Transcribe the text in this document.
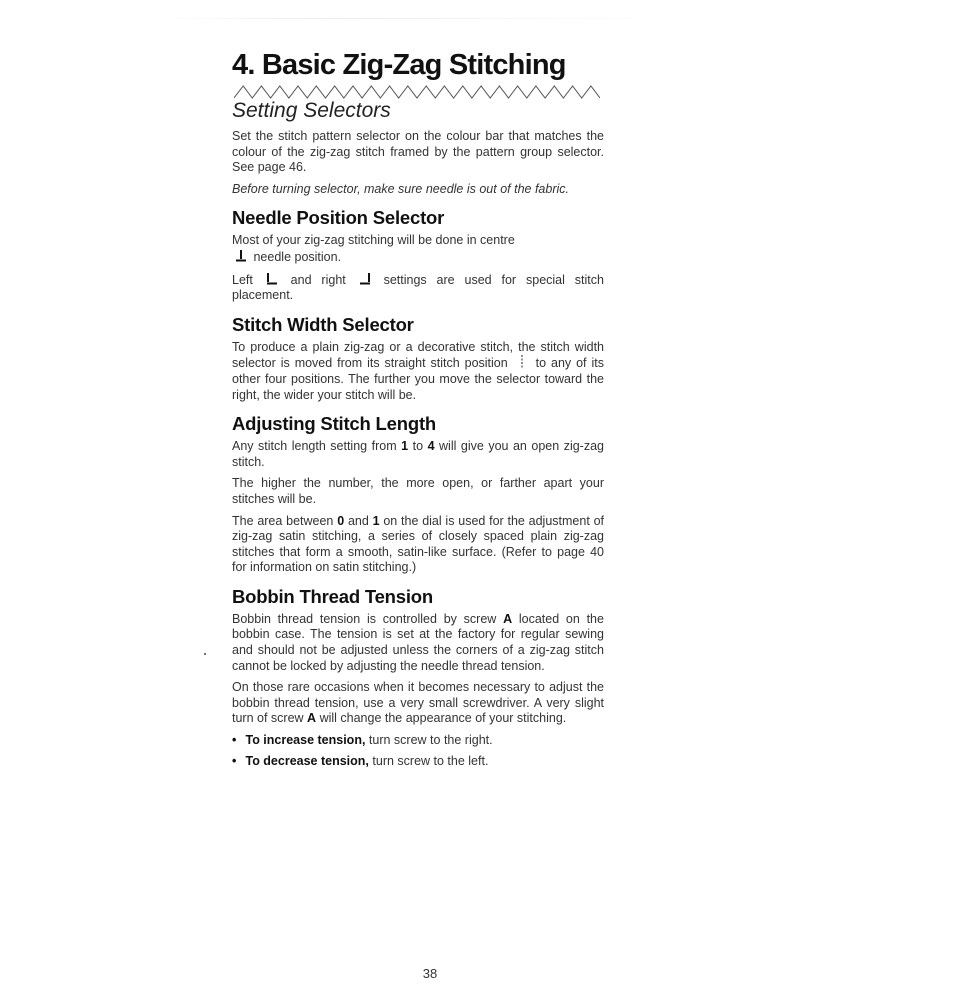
4. Basic Zig-Zag Stitching
Setting Selectors

Set the stitch pattern selector on the colour bar that matches the colour of the zig-zag stitch framed by the pattern group selector. See page 46.

Before turning selector, make sure needle is out of the fabric.

Needle Position Selector

Most of your zig-zag stitching will be done in centre
needle position.

Left	and right	settings are used for special stitch placement.

Stitch Width Selector

To produce a plain zig-zag or a decorative stitch, the stitch width selector is moved from its straight stitch position to any of its other four positions. The further you move the selector toward the right, the wider your stitch will be.

Adjusting Stitch Length

Any stitch length setting from 1 to 4 will give you an open zig-zag stitch.

The higher the number, the more open, or farther apart your stitches will be.

The area between 0 and 1 on the dial is used for the adjustment of zig-zag satin stitching, a series of closely spaced plain zig-zag stitches that form a smooth, satin-like surface. (Refer to page 40 for information on satin stitching.)

Bobbin Thread Tension

Bobbin thread tension is controlled by screw A located on the bobbin case. The tension is set at the factory for regular sewing and should not be adjusted unless the corners of a zig-zag stitch cannot be locked by adjusting the needle thread tension.

On those rare occasions when it becomes necessary to adjust the bobbin thread tension, use a very small screwdriver. A very slight turn of screw A will change the appearance of your stitching.

• To increase tension, turn screw to the right.
• To decrease tension, turn screw to the left.
38
